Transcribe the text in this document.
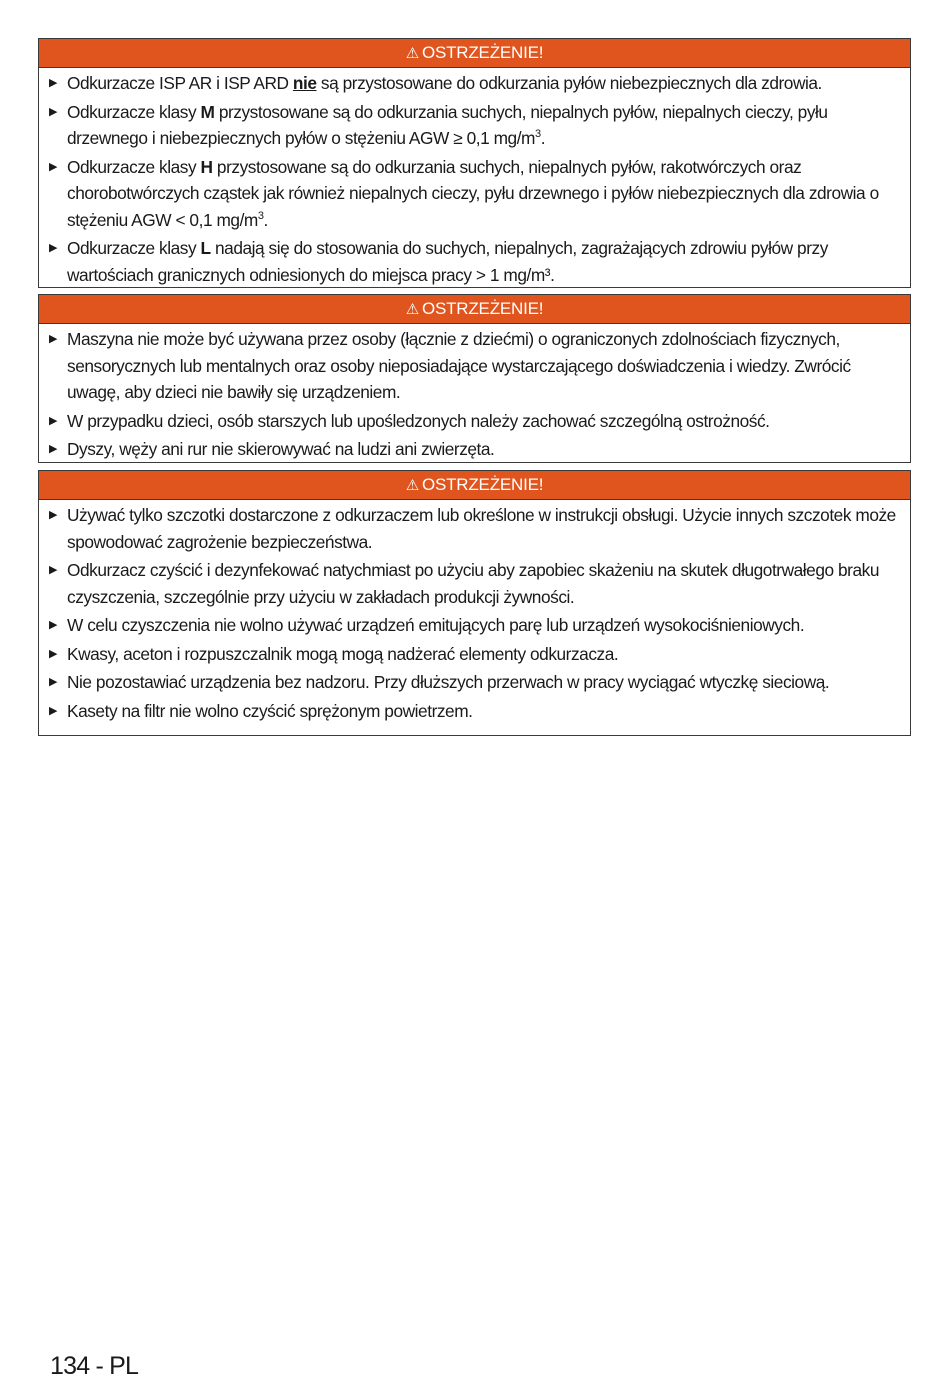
⚠ OSTRZEŻENIE!
▶ Odkurzacze ISP AR i ISP ARD nie są przystosowane do odkurzania pyłów niebezpiecznych dla zdrowia.
▶ Odkurzacze klasy M przystosowane są do odkurzania suchych, niepalnych pyłów, niepalnych cieczy, pyłu drzewnego i niebezpiecznych pyłów o stężeniu AGW ≥ 0,1 $mg/m^3$.
▶ Odkurzacze klasy H przystosowane są do odkurzania suchych, niepalnych pyłów, rakotwórczych oraz chorobotwórczych cząstek jak również niepalnych cieczy, pyłu drzewnego i pyłów niebezpiecznych dla zdrowia o stężeniu AGW < 0,1 $mg/m^3$.
▶ Odkurzacze klasy L nadają się do stosowania do suchych, niepalnych, zagrażających zdrowiu pyłów przy wartościach granicznych odniesionych do miejsca pracy > 1 mg/m³.
⚠ OSTRZEŻENIE!
▶ Maszyna nie może być używana przez osoby (łącznie z dziećmi) o ograniczonych zdolnościach fizycznych, sensorycznych lub mentalnych oraz osoby nieposiadające wystarczającego doświadczenia i wiedzy. Zwrócić uwagę, aby dzieci nie bawiły się urządzeniem.
▶ W przypadku dzieci, osób starszych lub upośledzonych należy zachować szczególną ostrożność.
▶ Dyszy, węży ani rur nie skierowywać na ludzi ani zwierzęta.
⚠ OSTRZEŻENIE!
▶ Używać tylko szczotki dostarczone z odkurzaczem lub określone w instrukcji obsługi. Użycie innych szczotek może spowodować zagrożenie bezpieczeństwa.
▶ Odkurzacz czyścić i dezynfekować natychmiast po użyciu aby zapobiec skażeniu na skutek długotrwałego braku czyszczenia, szczególnie przy użyciu w zakładach produkcji żywności.
▶ W celu czyszczenia nie wolno używać urządzeń emitujących parę lub urządzeń wysokociśnieniowych.
▶ Kwasy, aceton i rozpuszczalnik mogą mogą nadżerać elementy odkurzacza.
▶ Nie pozostawiać urządzenia bez nadzoru. Przy dłuższych przerwach w pracy wyciągać wtyczkę sieciową.
▶ Kasety na filtr nie wolno czyścić sprężonym powietrzem.
134 - PL
